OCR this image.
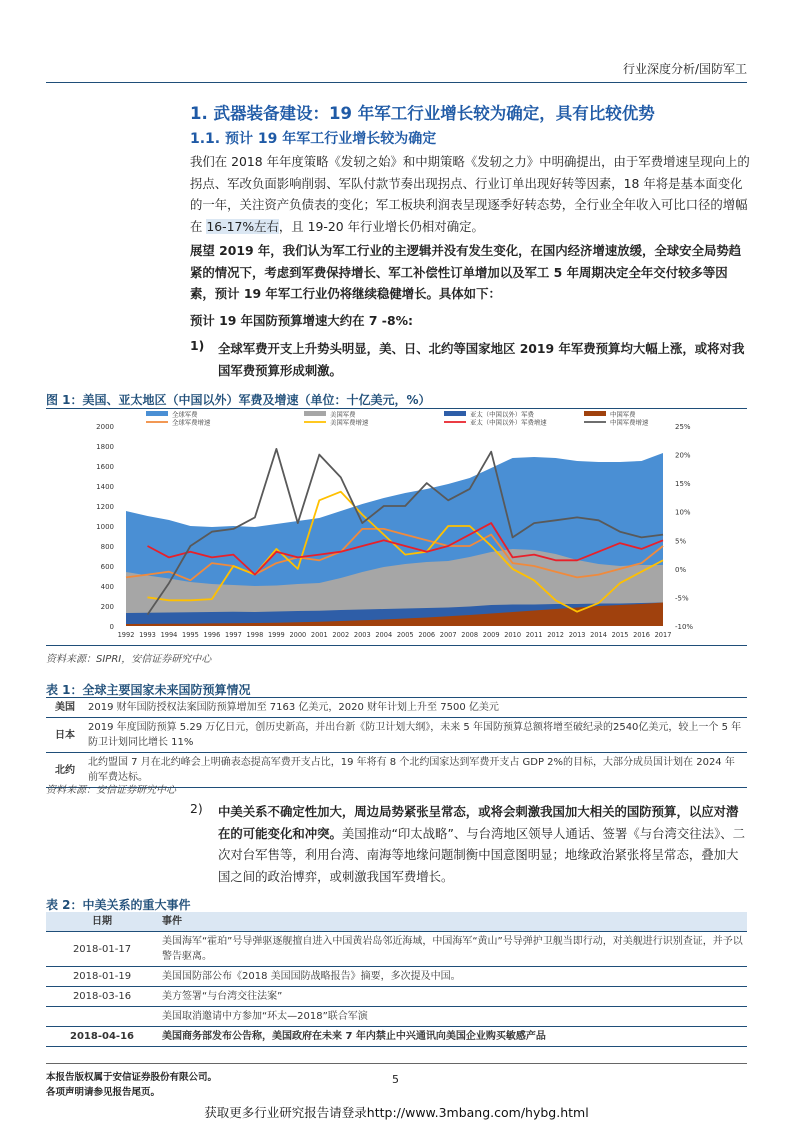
行业深度分析/国防军工
1. 武器装备建设：19 年军工行业增长较为确定，具有比较优势
1.1. 预计 19 年军工行业增长较为确定
我们在 2018 年年度策略《发轫之始》和中期策略《发轫之力》中明确提出，由于军费增速呈现向上的拐点、军改负面影响削弱、军队付款节奏出现拐点、行业订单出现好转等因素，18 年将是基本面变化的一年，关注资产负债表的变化；军工板块利润表呈现逐季好转态势，全行业全年收入可比口径的增幅在 16-17%左右，且 19-20 年行业增长仍相对确定。
展望 2019 年，我们认为军工行业的主逻辑并没有发生变化，在国内经济增速放缓，全球安全局势趋紧的情况下，考虑到军费保持增长、军工补偿性订单增加以及军工 5 年周期决定全年交付较多等因素，预计 19 年军工行业仍将继续稳健增长。具体如下：
预计 19 年国防预算增速大约在 7 -8%:
1) 全球军费开支上升势头明显，美、日、北约等国家地区 2019 年军费预算均大幅上涨，或将对我国军费预算形成刺激。
图 1：美国、亚太地区（中国以外）军费及增速（单位：十亿美元，%）
0
200
400
600
800
1000
1200
1400
1600
1800
2000
-10%
-5%
0%
5%
10%
15%
20%
25%
1992 1993 1994 1995 1996 1997 1998 1999 2000 2001 2002 2003 2004 2005 2006 2007 2008 2009 2010 2011 2012 2013 2014 2015 2016 2017
全球军费
全球军费增速
美国军费
美国军费增速
亚太（中国以外）军费
亚太（中国以外）军费增速
中国军费
中国军费增速
资料来源：SIPRI，安信证券研究中心
表 1：全球主要国家未来国防预算情况
美国	2019 财年国防授权法案国防预算增加至 7163 亿美元，2020 财年计划上升至 7500 亿美元
日本	2019 年度国防预算 5.29 万亿日元，创历史新高，并出台新《防卫计划大纲》，未来 5 年国防预算总额将增至破纪录的2540亿美元，较上一个 5 年防卫计划同比增长 11%
北约	北约盟国 7 月在北约峰会上明确表态提高军费开支占比，19 年将有 8 个北约国家达到军费开支占 GDP 2%的目标，大部分成员国计划在 2024 年前军费达标。
资料来源：安信证券研究中心
2) 中美关系不确定性加大，周边局势紧张呈常态，或将会刺激我国加大相关的国防预算，以应对潜在的可能变化和冲突。美国推动“印太战略”、与台湾地区领导人通话、签署《与台湾交往法》、二次对台军售等，利用台湾、南海等地缘问题制衡中国意图明显；地缘政治紧张将呈常态，叠加大国之间的政治博弈，或刺激我国军费增长。
表 2：中美关系的重大事件
日期	事件
2018-01-17	美国海军“霍珀”号导弹驱逐舰擅自进入中国黄岩岛邻近海域，中国海军“黄山”号导弹护卫舰当即行动，对美舰进行识别查证，并予以警告驱离。
2018-01-19	美国国防部公布《2018 美国国防战略报告》摘要，多次提及中国。
2018-03-16	美方签署“与台湾交往法案”
	美国取消邀请中方参加“环太—2018”联合军演
2018-04-16	美国商务部发布公告称，美国政府在未来 7 年内禁止中兴通讯向美国企业购买敏感产品
本报告版权属于安信证券股份有限公司。
各项声明请参见报告尾页。
5
获取更多行业研究报告请登录http://www.3mbang.com/hybg.html
